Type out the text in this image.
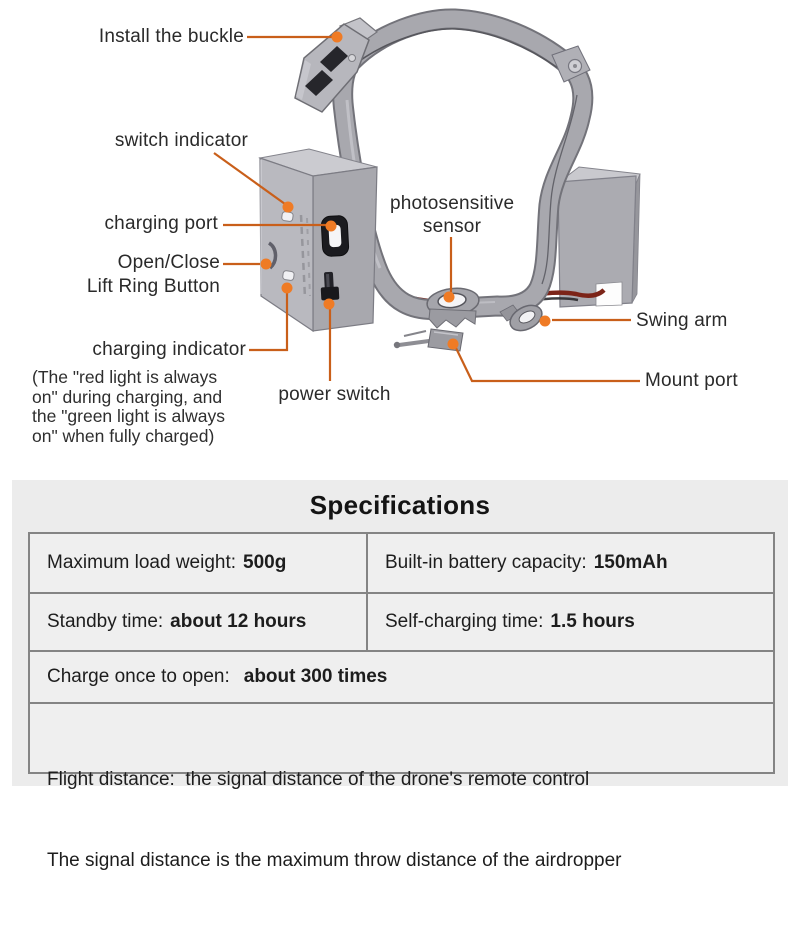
Install the buckle
switch indicator
charging port
Open/Close
Lift Ring Button
charging indicator
(The "red light is always
on" during charging, and
the "green light is always
on" when fully charged)
power switch
photosensitive
sensor
Swing arm
Mount port
Specifications
Maximum load weight: 500g	Built-in battery capacity: 150mAh
Standby time: about 12 hours	Self-charging time: 1.5 hours
Charge once to open: about 300 times

Flight distance:  the signal distance of the drone's remote control

The signal distance is the maximum throw distance of the airdropper
